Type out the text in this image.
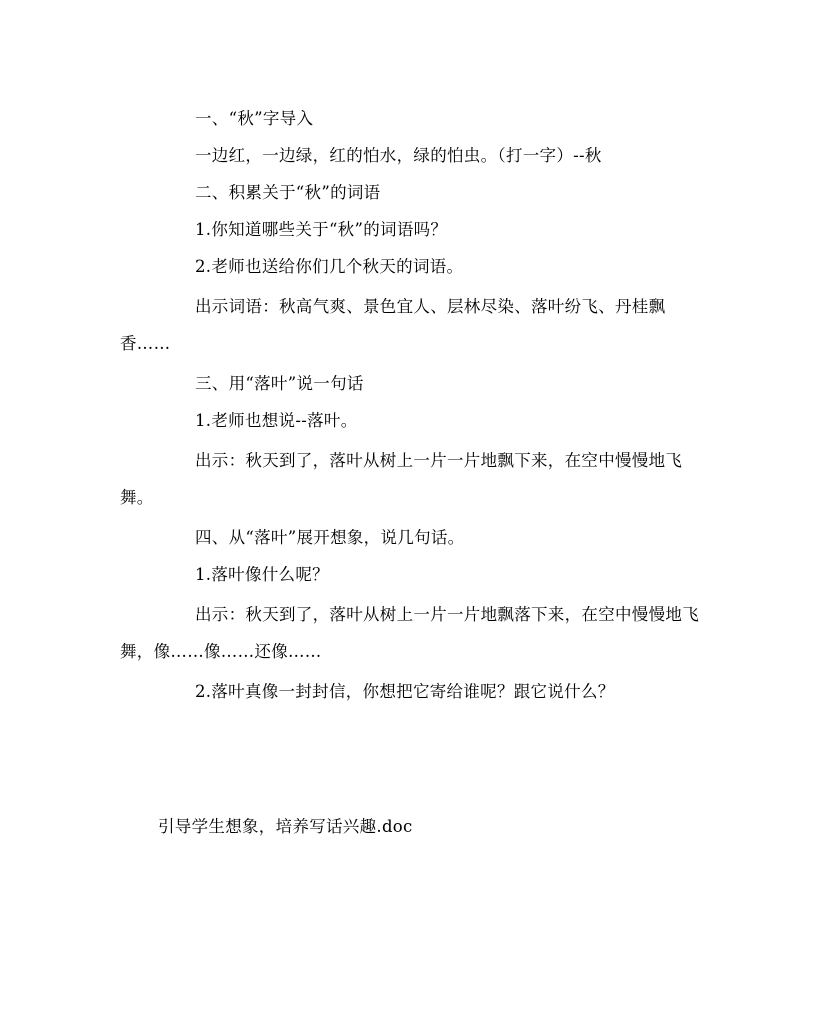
一、“秋”字导入

一边红，一边绿，红的怕水，绿的怕虫。（打一字）--秋

二、积累关于“秋”的词语

1.你知道哪些关于“秋”的词语吗？

2.老师也送给你们几个秋天的词语。

出示词语：秋高气爽、景色宜人、层林尽染、落叶纷飞、丹桂飘香……

三、用“落叶”说一句话

1.老师也想说--落叶。

出示：秋天到了，落叶从树上一片一片地飘下来，在空中慢慢地飞舞。

四、从“落叶”展开想象，说几句话。

1.落叶像什么呢？

出示：秋天到了，落叶从树上一片一片地飘落下来，在空中慢慢地飞舞，像……像……还像……

2.落叶真像一封封信，你想把它寄给谁呢？跟它说什么？

引导学生想象，培养写话兴趣.doc
